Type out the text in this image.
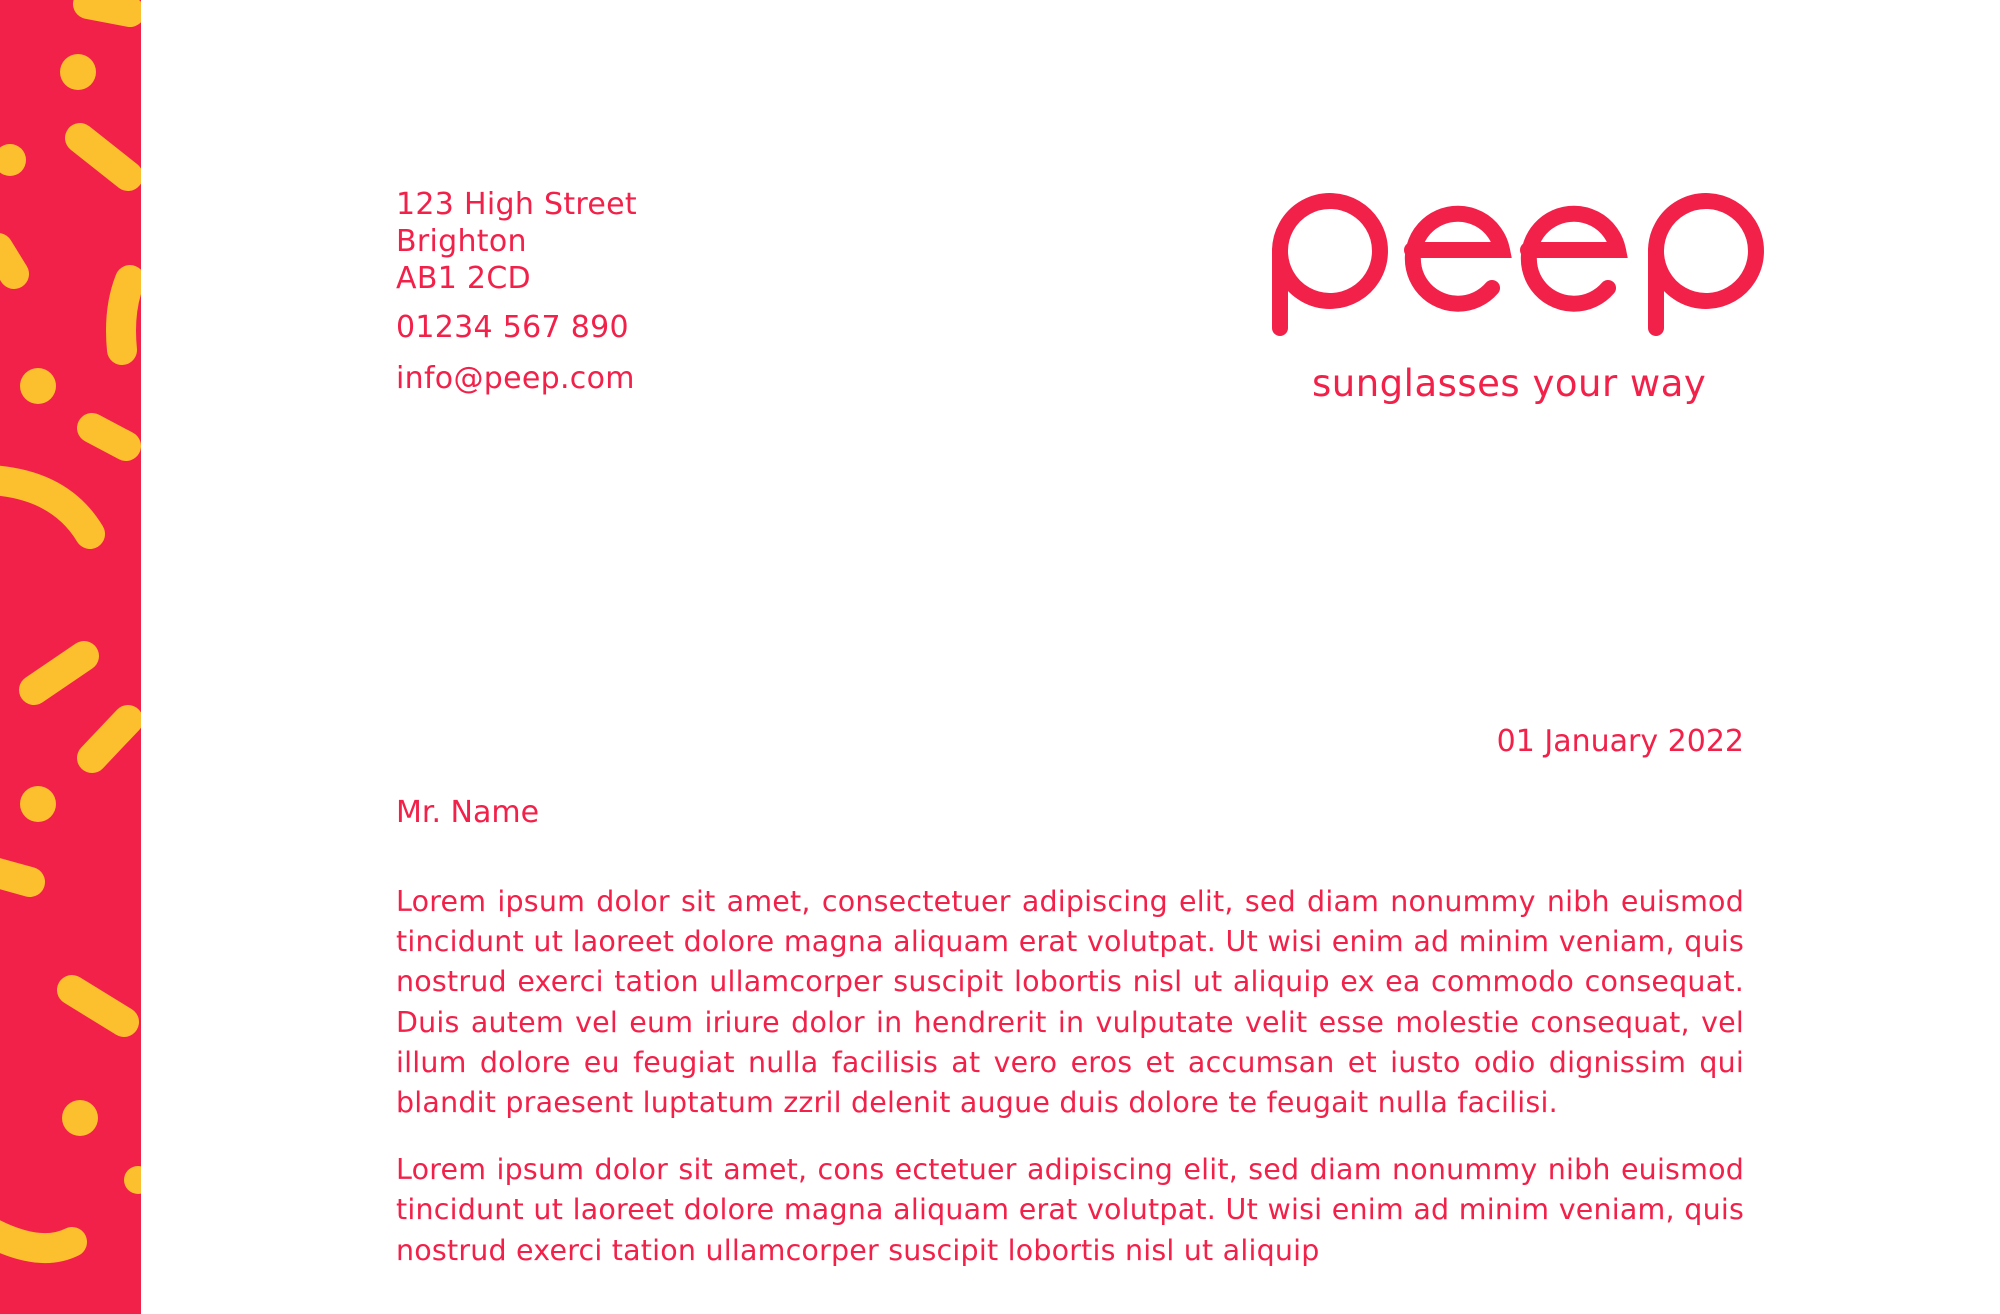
123 High Street
Brighton
AB1 2CD
01234 567 890
info@peep.com	sunglasses your way
01 January 2022
Mr. Name

Lorem ipsum dolor sit amet, consectetuer adipiscing elit, sed diam nonummy nibh euismod tincidunt ut laoreet dolore magna aliquam erat volutpat. Ut wisi enim ad minim veniam, quis nostrud exerci tation ullamcorper suscipit lobortis nisl ut aliquip ex ea commodo consequat. Duis autem vel eum iriure dolor in hendrerit in vulputate velit esse molestie consequat, vel illum dolore eu feugiat nulla facilisis at vero eros et accumsan et iusto odio dignissim qui blandit praesent luptatum zzril delenit augue duis dolore te feugait nulla facilisi.

Lorem ipsum dolor sit amet, cons ectetuer adipiscing elit, sed diam nonummy nibh euismod tincidunt ut laoreet dolore magna aliquam erat volutpat. Ut wisi enim ad minim veniam, quis nostrud exerci tation ullamcorper suscipit lobortis nisl ut aliquip
